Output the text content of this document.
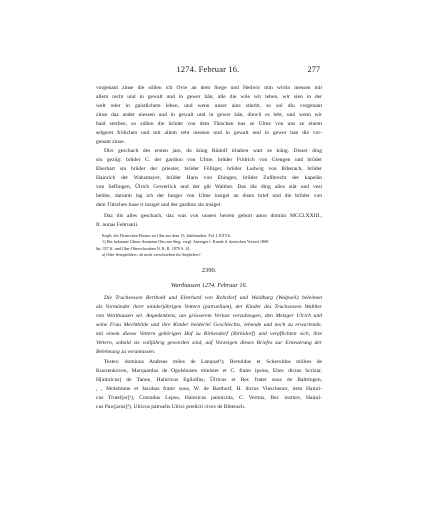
1274. Februar 16.	277
vorgenant zinse die süllen ich Ovie an dem Stege und Hedwic min wirtin niessen mit
allem recht und in gewalt und in gewer hân, alle die wile wir leben, wir sien in der
welt oder in gaistlichem leben, und wenn unser ains stierbt, so sol diu vorgenant
zinse daz ander niessen und in gewalt und in gewer hân, diewil es lebt, und wenn wir
baid sterben, so süllen die brûder von dem Tütschen hus ze Ulme von uns ze einem
selgeret frölichen und mit allem reht niessen und in gewalt und in gewer han die vor-
genant zinse.
Dirs geschach des ersten jars, do küng Rûdolf irhaben wart ze küng. Disser ding
sin gezüg: brûder C. der gardion von Ulme, brûder Fridrich von Giengen und brûder
Eberhart sin brûder der priester, brûder Fôlliger, brûder Ludwig von Biberach, brûder
Hainrich der Wahsmayer, brûder Hans von Ehingen, brûder Zollbrecht der kapelân
von Seflingen, Ûlrich Gewerlich und der gût Walther. Das die ding alles stät und vest
belibe, darumb lag ich der burger von Ulme insigel an disen brief und die brûder von
dem Tütschen huse ir insigel und der gardion sin insigel.
Daz dis alles geschach, daz was von unsers herren geburt anno domini MCCLXXIII.,
II. nonas Februarii.
Kopb. des Deutschen Hauses zu Ulm aus dem 15. Jahrhundert, Fol. LXXVb.
1) Der bekannte Ulmer Ammann Otto am Steg; vergl. Anzeiger f. Kunde d. deutschen Vorzeit 1868
Sp. 357 ff. und Ulm-Oberschwaben N. R. II. 1870 S. 41.
a) Oder Serephilders; ob nicht verschrieben für Stephilers?
2390.
Warthausen 1274. Februar 16.
Die Truchsessen Berthold und Eberhard von Rohrdorf und Waldburg (Walpurk) beleimen
als Vormünder ihrer minderjährigen Vettern (patruelium), der Kinder des Truchsessen Walther
von Warthausen sel. Angedenkens, um grösserem Verlust vorzubeugen, den Metzger Ulrich und
seine Frau Mechthilde und ihre Kinder beiderlei Geschlechts, lebende und noch zu erwartende,
mit einem dieses Vettern gehörigen Hof zu Birkendorf (Birkidorf) und verpflichten sich, ihre
Vettern, sobald sie volljährig geworden sind, auf Vorzeigen dieses Briefes zur Erneuerung der
Belehnung zu veranlassen.
Testes: dominus Andreas miles de Lanquat¹); Bertoldus et Scheroldus milites de
Kuzzenkoven, Marquardus de Ogolshusen minister et C. frater ipsius, Eber. dictus Scrizar,
H[ainricus] de Tanne, Hainricus Egilolfus, Ûlricus et Ber. frater suus de Baltringen,
, , Molebrune et Jacobus frater suus, W. de Barthorf, H. dictus Vinschenor, item Hainri-
cus Trutel[er]²), Conradus Lepus, Hainricus pannicida, C. Vermis, Ber. institor, Hainri-
cus Paw[arus]³), Ulricus patruelis Ulrici predicti cives de Biberach.
